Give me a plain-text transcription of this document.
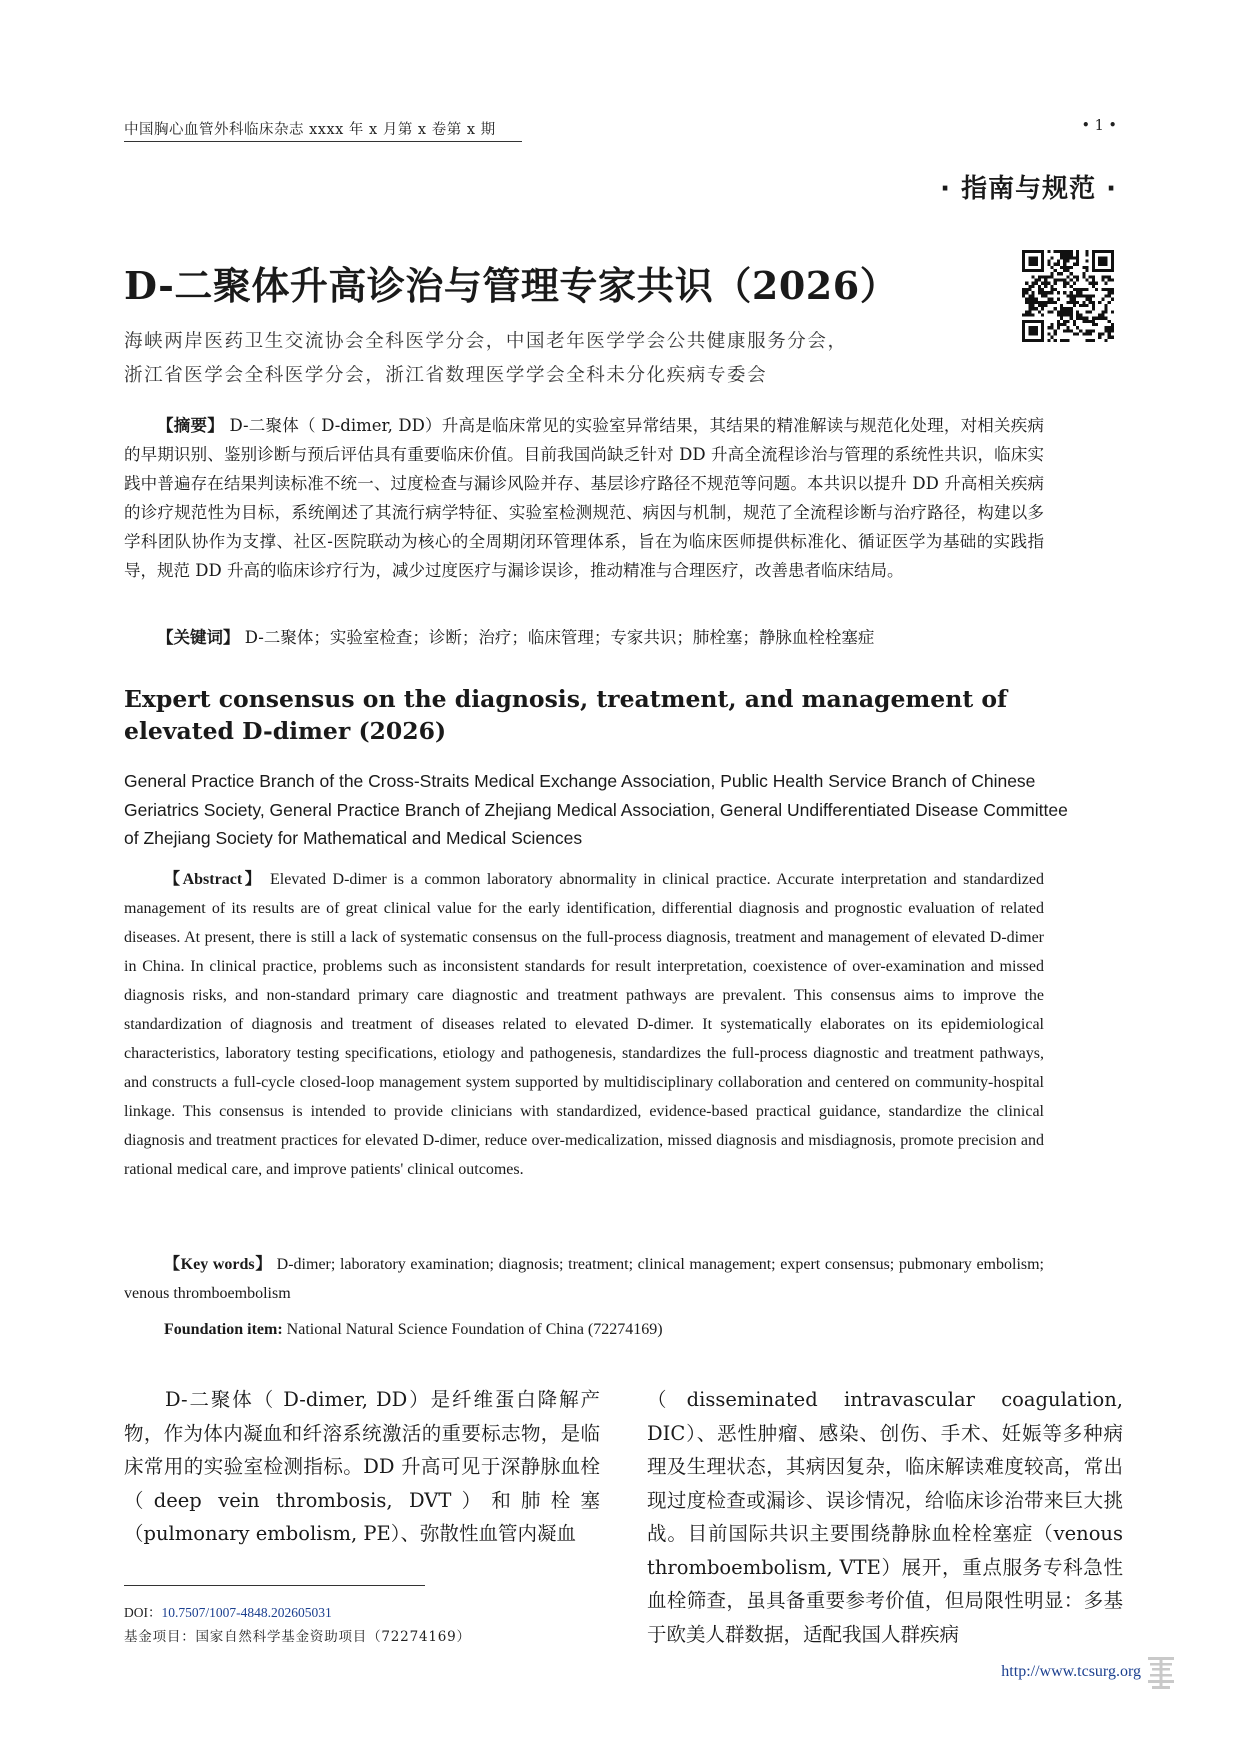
中国胸心血管外科临床杂志 xxxx 年 x 月第 x 卷第 x 期	• 1 •
· 指南与规范 ·
D-二聚体升高诊治与管理专家共识（2026）
海峡两岸医药卫生交流协会全科医学分会，中国老年医学学会公共健康服务分会，
浙江省医学会全科医学分会，浙江省数理医学学会全科未分化疾病专委会
【摘要】 D-二聚体（ D-dimer, DD）升高是临床常见的实验室异常结果，其结果的精准解读与规范化处理，对相关疾病的早期识别、鉴别诊断与预后评估具有重要临床价值。目前我国尚缺乏针对 DD 升高全流程诊治与管理的系统性共识，临床实践中普遍存在结果判读标准不统一、过度检查与漏诊风险并存、基层诊疗路径不规范等问题。本共识以提升 DD 升高相关疾病的诊疗规范性为目标，系统阐述了其流行病学特征、实验室检测规范、病因与机制，规范了全流程诊断与治疗路径，构建以多学科团队协作为支撑、社区-医院联动为核心的全周期闭环管理体系，旨在为临床医师提供标准化、循证医学为基础的实践指导，规范 DD 升高的临床诊疗行为，减少过度医疗与漏诊误诊，推动精准与合理医疗，改善患者临床结局。
【关键词】 D-二聚体；实验室检查；诊断；治疗；临床管理；专家共识；肺栓塞；静脉血栓栓塞症
Expert consensus on the diagnosis, treatment, and management of elevated D-dimer (2026)
General Practice Branch of the Cross-Straits Medical Exchange Association, Public Health Service Branch of Chinese Geriatrics Society, General Practice Branch of Zhejiang Medical Association, General Undifferentiated Disease Committee of Zhejiang Society for Mathematical and Medical Sciences
【Abstract】 Elevated D-dimer is a common laboratory abnormality in clinical practice. Accurate interpretation and standardized management of its results are of great clinical value for the early identification, differential diagnosis and prognostic evaluation of related diseases. At present, there is still a lack of systematic consensus on the full-process diagnosis, treatment and management of elevated D-dimer in China. In clinical practice, problems such as inconsistent standards for result interpretation, coexistence of over-examination and missed diagnosis risks, and non-standard primary care diagnostic and treatment pathways are prevalent. This consensus aims to improve the standardization of diagnosis and treatment of diseases related to elevated D-dimer. It systematically elaborates on its epidemiological characteristics, laboratory testing specifications, etiology and pathogenesis, standardizes the full-process diagnostic and treatment pathways, and constructs a full-cycle closed-loop management system supported by multidisciplinary collaboration and centered on community-hospital linkage. This consensus is intended to provide clinicians with standardized, evidence-based practical guidance, standardize the clinical diagnosis and treatment practices for elevated D-dimer, reduce over-medicalization, missed diagnosis and misdiagnosis, promote precision and rational medical care, and improve patients' clinical outcomes.
【Key words】 D-dimer; laboratory examination; diagnosis; treatment; clinical management; expert consensus; pubmonary embolism; venous thromboembolism
Foundation item: National Natural Science Foundation of China (72274169)
D-二聚体（ D-dimer, DD）是纤维蛋白降解产物，作为体内凝血和纤溶系统激活的重要标志物，是临床常用的实验室检测指标。DD 升高可见于深静脉血栓（deep vein thrombosis, DVT）和肺栓塞（pulmonary embolism, PE）、弥散性血管内凝血
（disseminated intravascular coagulation, DIC）、恶性肿瘤、感染、创伤、手术、妊娠等多种病理及生理状态，其病因复杂，临床解读难度较高，常出现过度检查或漏诊、误诊情况，给临床诊治带来巨大挑战。目前国际共识主要围绕静脉血栓栓塞症（venous thromboembolism, VTE）展开，重点服务专科急性血栓筛查，虽具备重要参考价值，但局限性明显：多基于欧美人群数据，适配我国人群疾病
DOI：10.7507/1007-4848.202605031
基金项目：国家自然科学基金资助项目（72274169）
http://www.tcsurg.org
